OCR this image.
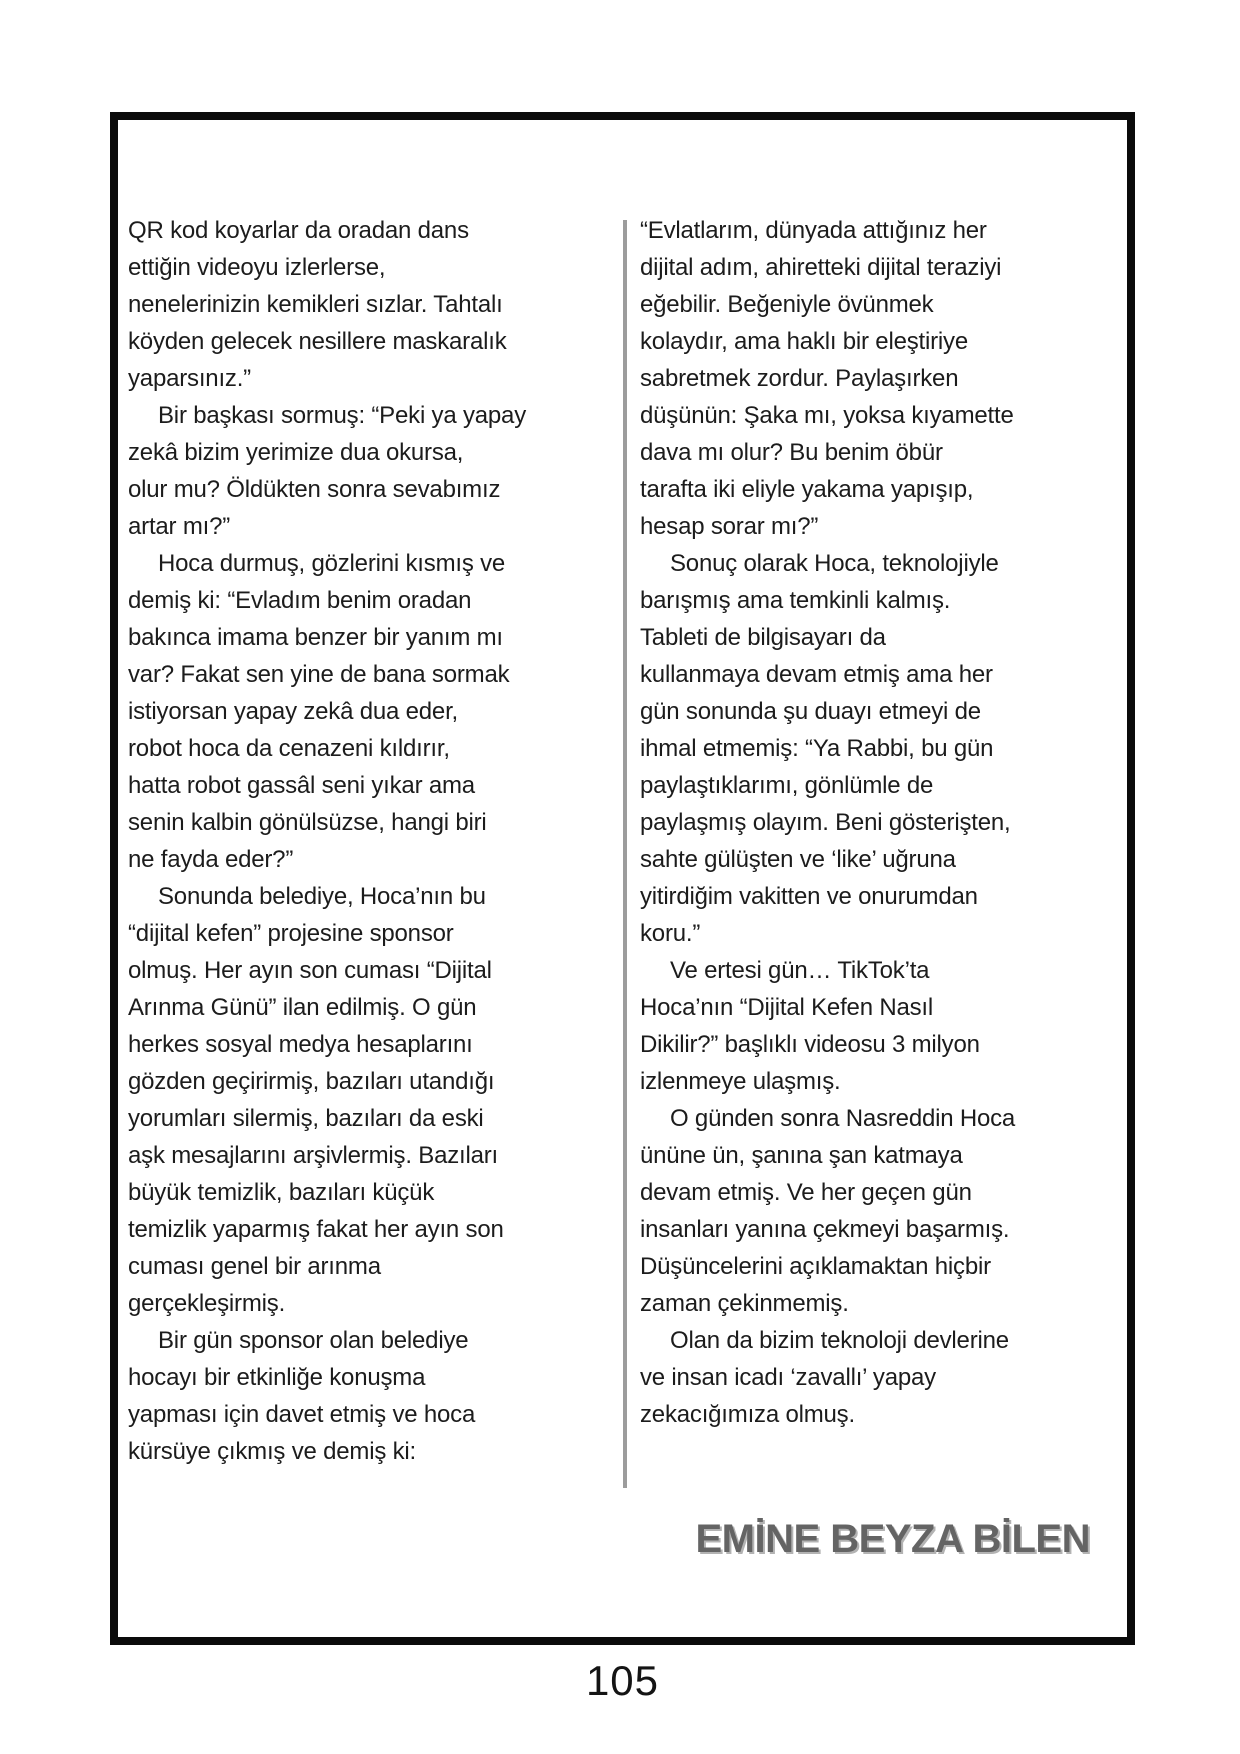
QR kod koyarlar da oradan dans
ettiğin videoyu izlerlerse,
nenelerinizin kemikleri sızlar. Tahtalı
köyden gelecek nesillere maskaralık
yaparsınız.”

Bir başkası sormuş: “Peki ya yapay
zekâ bizim yerimize dua okursa,
olur mu? Öldükten sonra sevabımız
artar mı?”

Hoca durmuş, gözlerini kısmış ve
demiş ki: “Evladım benim oradan
bakınca imama benzer bir yanım mı
var? Fakat sen yine de bana sormak
istiyorsan yapay zekâ dua eder,
robot hoca da cenazeni kıldırır,
hatta robot gassâl seni yıkar ama
senin kalbin gönülsüzse, hangi biri
ne fayda eder?”

Sonunda belediye, Hoca’nın bu
“dijital kefen” projesine sponsor
olmuş. Her ayın son cuması “Dijital
Arınma Günü” ilan edilmiş. O gün
herkes sosyal medya hesaplarını
gözden geçirirmiş, bazıları utandığı
yorumları silermiş, bazıları da eski
aşk mesajlarını arşivlermiş. Bazıları
büyük temizlik, bazıları küçük
temizlik yaparmış fakat her ayın son
cuması genel bir arınma
gerçekleşirmiş.

Bir gün sponsor olan belediye
hocayı bir etkinliğe konuşma
yapması için davet etmiş ve hoca
kürsüye çıkmış ve demiş ki:

“Evlatlarım, dünyada attığınız her
dijital adım, ahiretteki dijital teraziyi
eğebilir. Beğeniyle övünmek
kolaydır, ama haklı bir eleştiriye
sabretmek zordur. Paylaşırken
düşünün: Şaka mı, yoksa kıyamette
dava mı olur? Bu benim öbür
tarafta iki eliyle yakama yapışıp,
hesap sorar mı?”

Sonuç olarak Hoca, teknolojiyle
barışmış ama temkinli kalmış.
Tableti de bilgisayarı da
kullanmaya devam etmiş ama her
gün sonunda şu duayı etmeyi de
ihmal etmemiş: “Ya Rabbi, bu gün
paylaştıklarımı, gönlümle de
paylaşmış olayım. Beni gösterişten,
sahte gülüşten ve ‘like’ uğruna
yitirdiğim vakitten ve onurumdan
koru.”

Ve ertesi gün… TikTok’ta
Hoca’nın “Dijital Kefen Nasıl
Dikilir?” başlıklı videosu 3 milyon
izlenmeye ulaşmış.

O günden sonra Nasreddin Hoca
ününe ün, şanına şan katmaya
devam etmiş. Ve her geçen gün
insanları yanına çekmeyi başarmış.
Düşüncelerini açıklamaktan hiçbir
zaman çekinmemiş.

Olan da bizim teknoloji devlerine
ve insan icadı ‘zavallı’ yapay
zekacığımıza olmuş.

EMİNE BEYZA BİLEN
105
